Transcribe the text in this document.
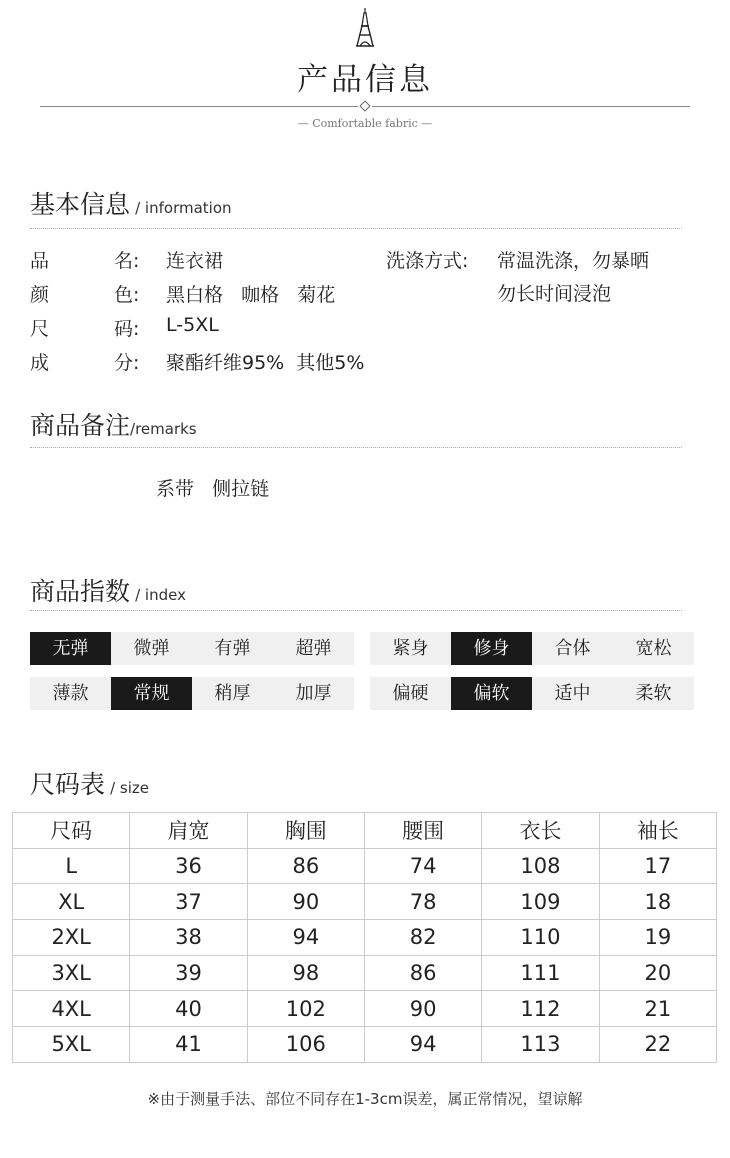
产品信息
— Comfortable fabric —
基本信息 / information
品	名: 连衣裙
颜	色: 黑白格   咖格   菊花
尺	码: L-5XL
成	分: 聚酯纤维95%  其他5%
洗涤方式: 常温洗涤，勿暴晒
勿长时间浸泡
商品备注/remarks
系带   侧拉链
商品指数 / index
无弹	微弹	有弹	超弹	紧身	修身	合体	宽松
薄款	常规	稍厚	加厚	偏硬	偏软	适中	柔软
尺码表 / size
尺码	肩宽	胸围	腰围	衣长	袖长
L	36	86	74	108	17
XL	37	90	78	109	18
2XL	38	94	82	110	19
3XL	39	98	86	111	20
4XL	40	102	90	112	21
5XL	41	106	94	113	22
※由于测量手法、部位不同存在1-3cm误差，属正常情况，望谅解
